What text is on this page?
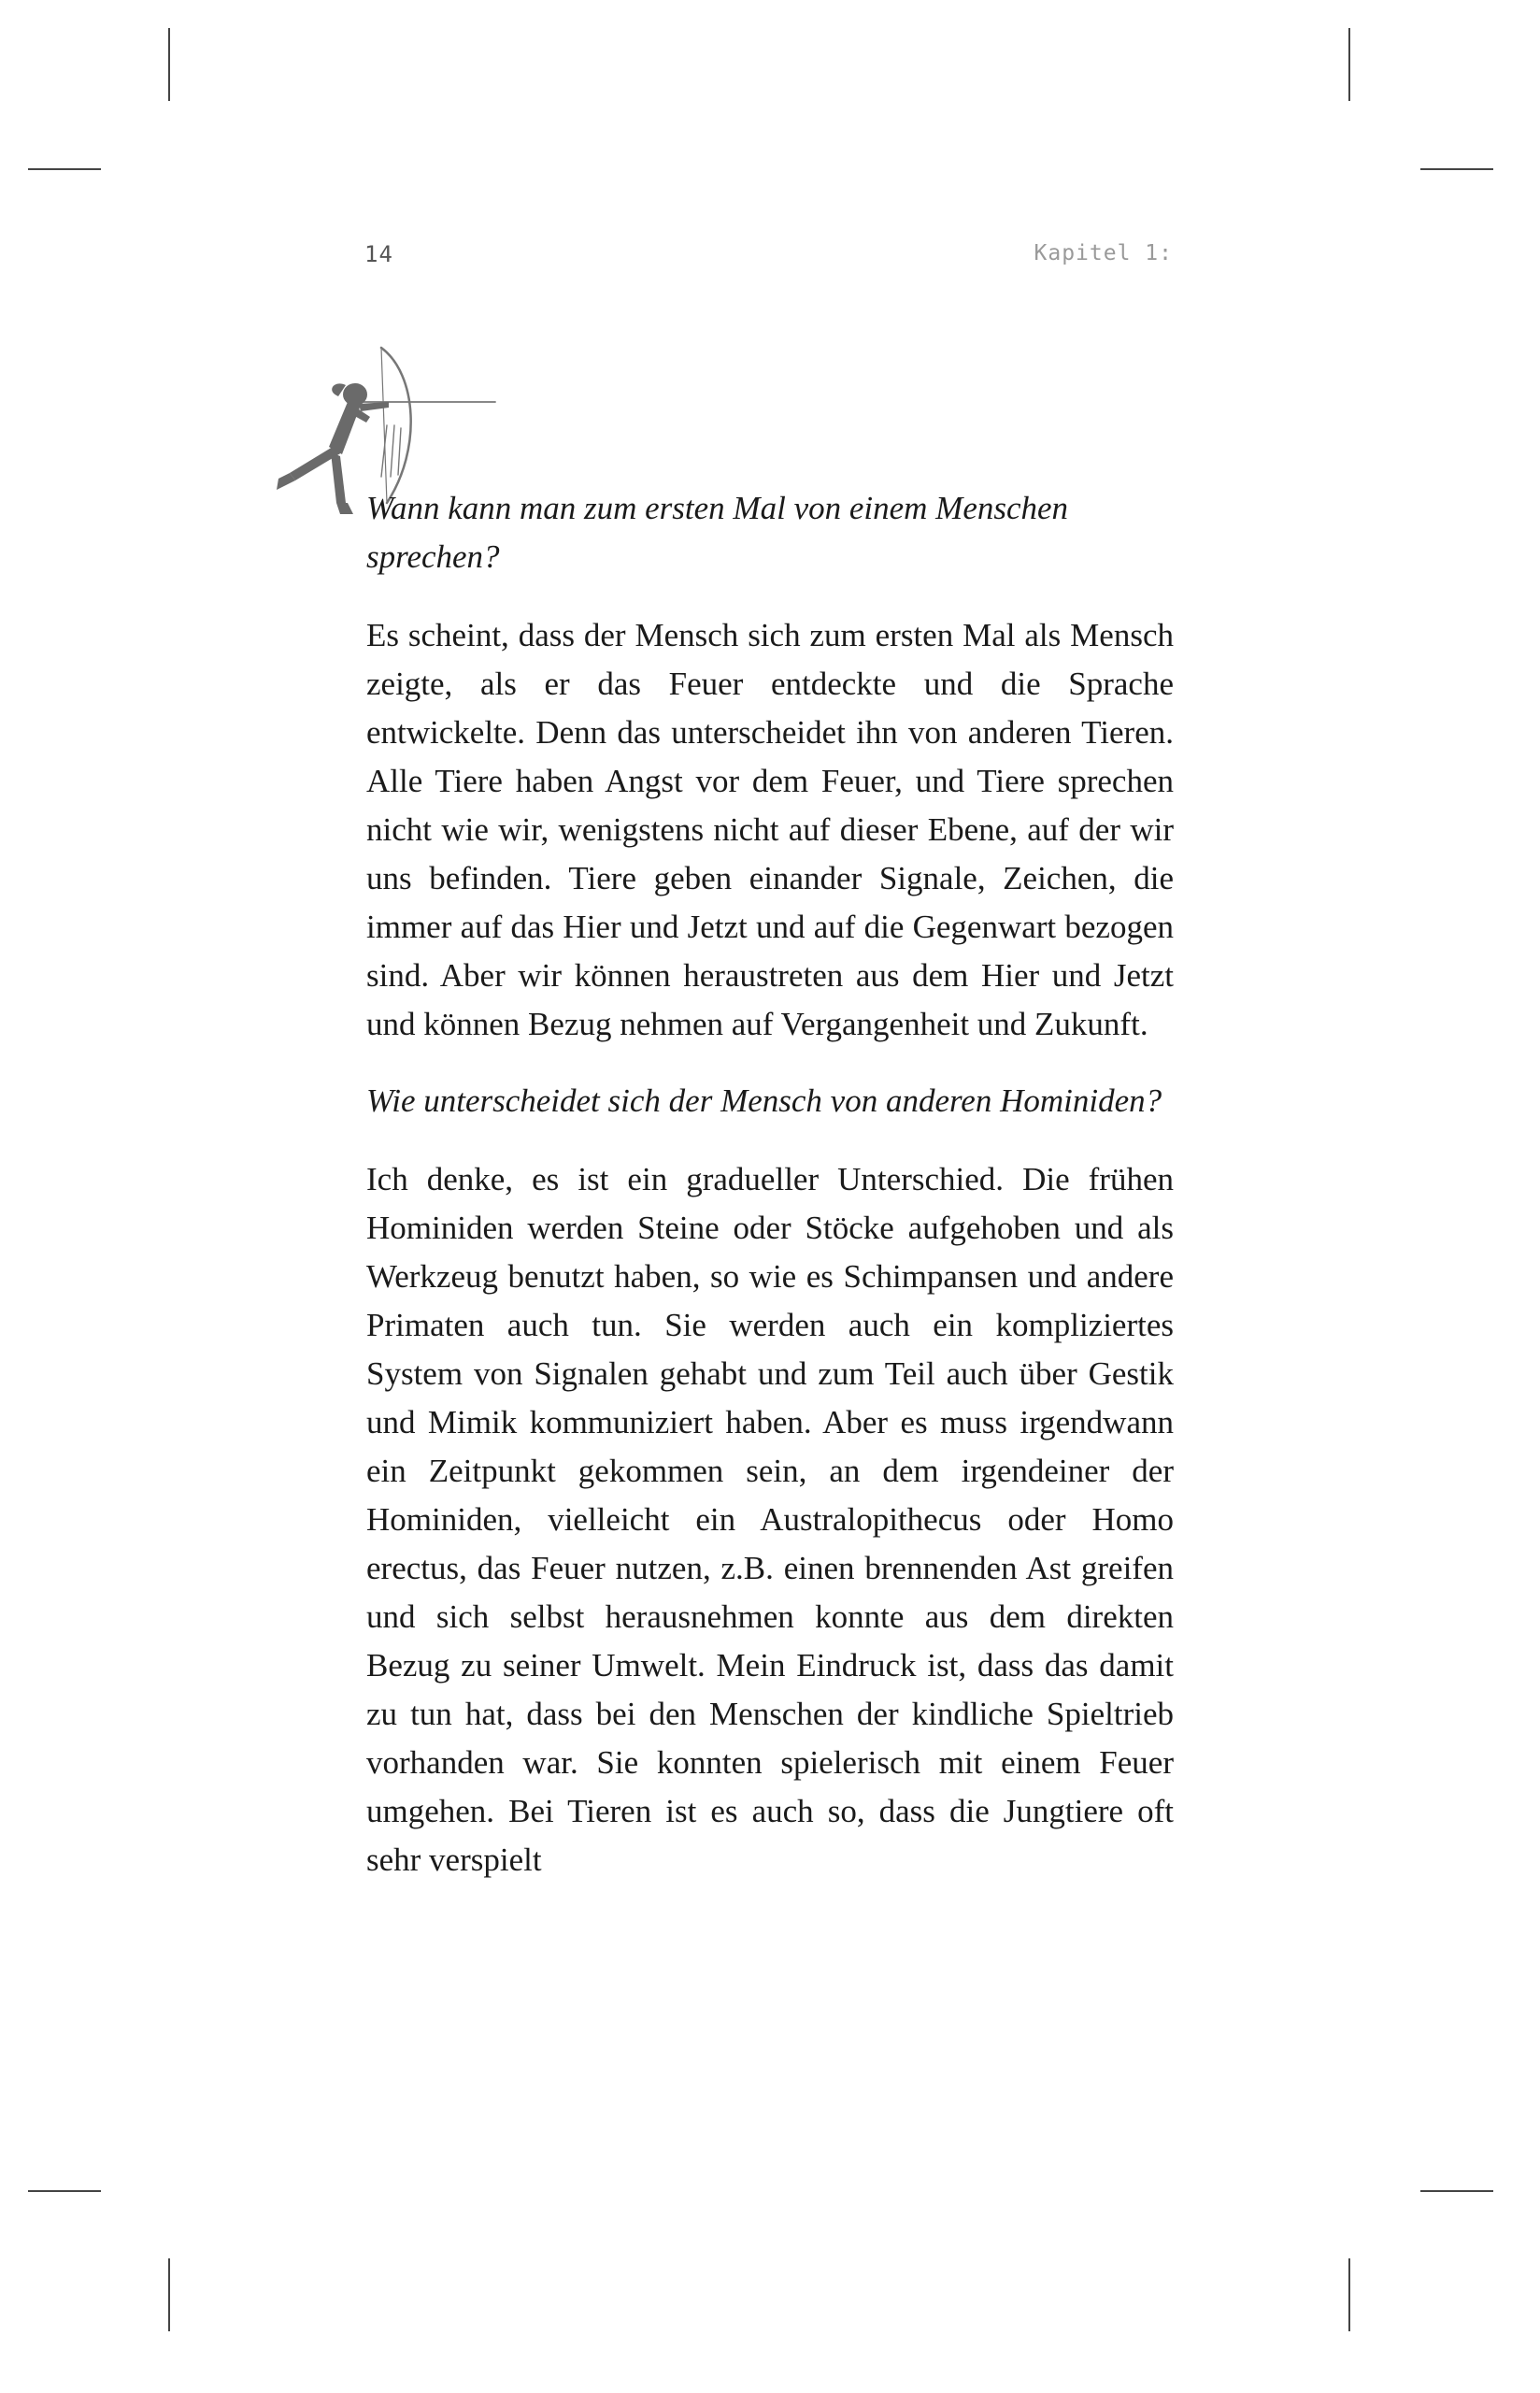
14	Kapitel 1:

Wann kann man zum ersten Mal von einem Menschen sprechen?

Es scheint, dass der Mensch sich zum ersten Mal als Mensch zeigte, als er das Feuer entdeckte und die Sprache entwickelte. Denn das unterscheidet ihn von anderen Tieren. Alle Tiere haben Angst vor dem Feuer, und Tiere sprechen nicht wie wir, wenigstens nicht auf dieser Ebene, auf der wir uns befinden. Tiere geben einander Signale, Zeichen, die immer auf das Hier und Jetzt und auf die Gegenwart bezogen sind. Aber wir können heraustreten aus dem Hier und Jetzt und können Bezug nehmen auf Vergangenheit und Zukunft.

Wie unterscheidet sich der Mensch von anderen Hominiden?

Ich denke, es ist ein gradueller Unterschied. Die frühen Hominiden werden Steine oder Stöcke aufgehoben und als Werkzeug benutzt haben, so wie es Schimpansen und andere Primaten auch tun. Sie werden auch ein kompliziertes System von Signalen gehabt und zum Teil auch über Gestik und Mimik kommuniziert haben. Aber es muss irgendwann ein Zeitpunkt gekommen sein, an dem irgendeiner der Hominiden, vielleicht ein Australopithecus oder Homo erectus, das Feuer nutzen, z.B. einen brennenden Ast greifen und sich selbst herausnehmen konnte aus dem direkten Bezug zu seiner Umwelt. Mein Eindruck ist, dass das damit zu tun hat, dass bei den Menschen der kindliche Spieltrieb vorhanden war. Sie konnten spielerisch mit einem Feuer umgehen. Bei Tieren ist es auch so, dass die Jungtiere oft sehr verspielt
